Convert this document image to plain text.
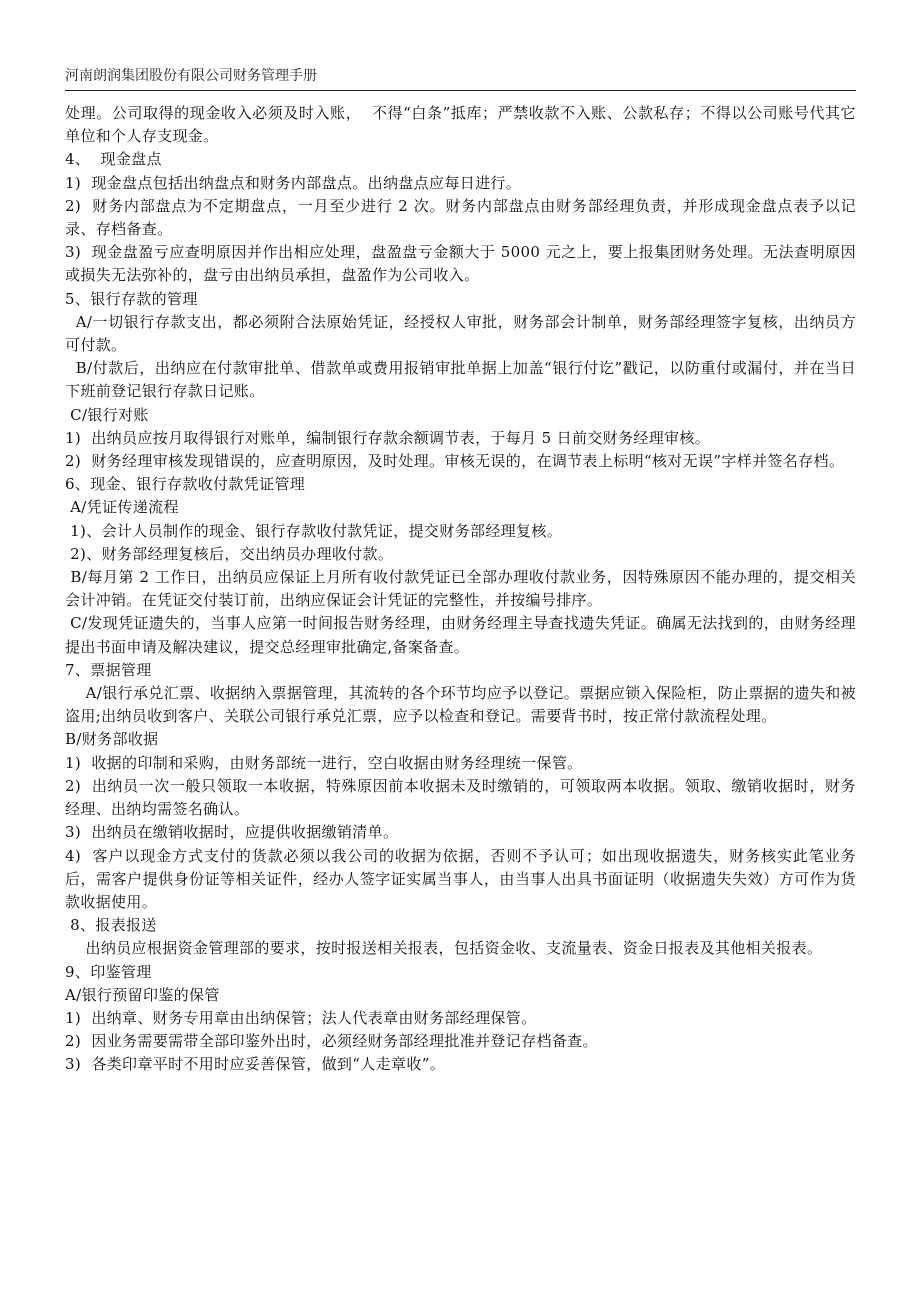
河南朗润集团股份有限公司财务管理手册

处理。公司取得的现金收入必须及时入账，  不得“白条”抵库；严禁收款不入账、公款私存；不得以公司账号代其它单位和个人存支现金。

4、  现金盘点

1)  现金盘点包括出纳盘点和财务内部盘点。出纳盘点应每日进行。

2)  财务内部盘点为不定期盘点，一月至少进行 2 次。财务内部盘点由财务部经理负责，并形成现金盘点表予以记录、存档备查。

3)  现金盘盈亏应查明原因并作出相应处理，盘盈盘亏金额大于 5000 元之上，要上报集团财务处理。无法查明原因或损失无法弥补的，盘亏由出纳员承担，盘盈作为公司收入。

5、银行存款的管理

A/一切银行存款支出，都必须附合法原始凭证，经授权人审批，财务部会计制单，财务部经理签字复核，出纳员方可付款。

B/付款后，出纳应在付款审批单、借款单或费用报销审批单据上加盖“银行付讫”戳记，以防重付或漏付，并在当日下班前登记银行存款日记账。

C/银行对账

1)  出纳员应按月取得银行对账单，编制银行存款余额调节表，于每月 5 日前交财务经理审核。

2)  财务经理审核发现错误的，应查明原因，及时处理。审核无误的，在调节表上标明“核对无误”字样并签名存档。

6、现金、银行存款收付款凭证管理

A/凭证传递流程

1)、会计人员制作的现金、银行存款收付款凭证，提交财务部经理复核。

2)、财务部经理复核后，交出纳员办理收付款。

B/每月第 2 工作日，出纳员应保证上月所有收付款凭证已全部办理收付款业务，因特殊原因不能办理的，提交相关会计冲销。在凭证交付装订前，出纳应保证会计凭证的完整性，并按编号排序。

C/发现凭证遗失的，当事人应第一时间报告财务经理，由财务经理主导查找遗失凭证。确属无法找到的，由财务经理提出书面申请及解决建议，提交总经理审批确定,备案备查。

7、票据管理

A/银行承兑汇票、收据纳入票据管理，其流转的各个环节均应予以登记。票据应锁入保险柜，防止票据的遗失和被盗用;出纳员收到客户、关联公司银行承兑汇票，应予以检查和登记。需要背书时，按正常付款流程处理。

B/财务部收据

1)  收据的印制和采购，由财务部统一进行，空白收据由财务经理统一保管。

2)  出纳员一次一般只领取一本收据，特殊原因前本收据未及时缴销的，可领取两本收据。领取、缴销收据时，财务经理、出纳均需签名确认。

3)  出纳员在缴销收据时，应提供收据缴销清单。

4)  客户以现金方式支付的货款必须以我公司的收据为依据，否则不予认可；如出现收据遗失，财务核实此笔业务后，需客户提供身份证等相关证件，经办人签字证实属当事人，由当事人出具书面证明（收据遗失失效）方可作为货款收据使用。

8、报表报送

出纳员应根据资金管理部的要求，按时报送相关报表，包括资金收、支流量表、资金日报表及其他相关报表。

9、印鉴管理

A/银行预留印鉴的保管

1)  出纳章、财务专用章由出纳保管；法人代表章由财务部经理保管。

2)  因业务需要需带全部印鉴外出时，必须经财务部经理批准并登记存档备查。

3)  各类印章平时不用时应妥善保管，做到“人走章收”。
